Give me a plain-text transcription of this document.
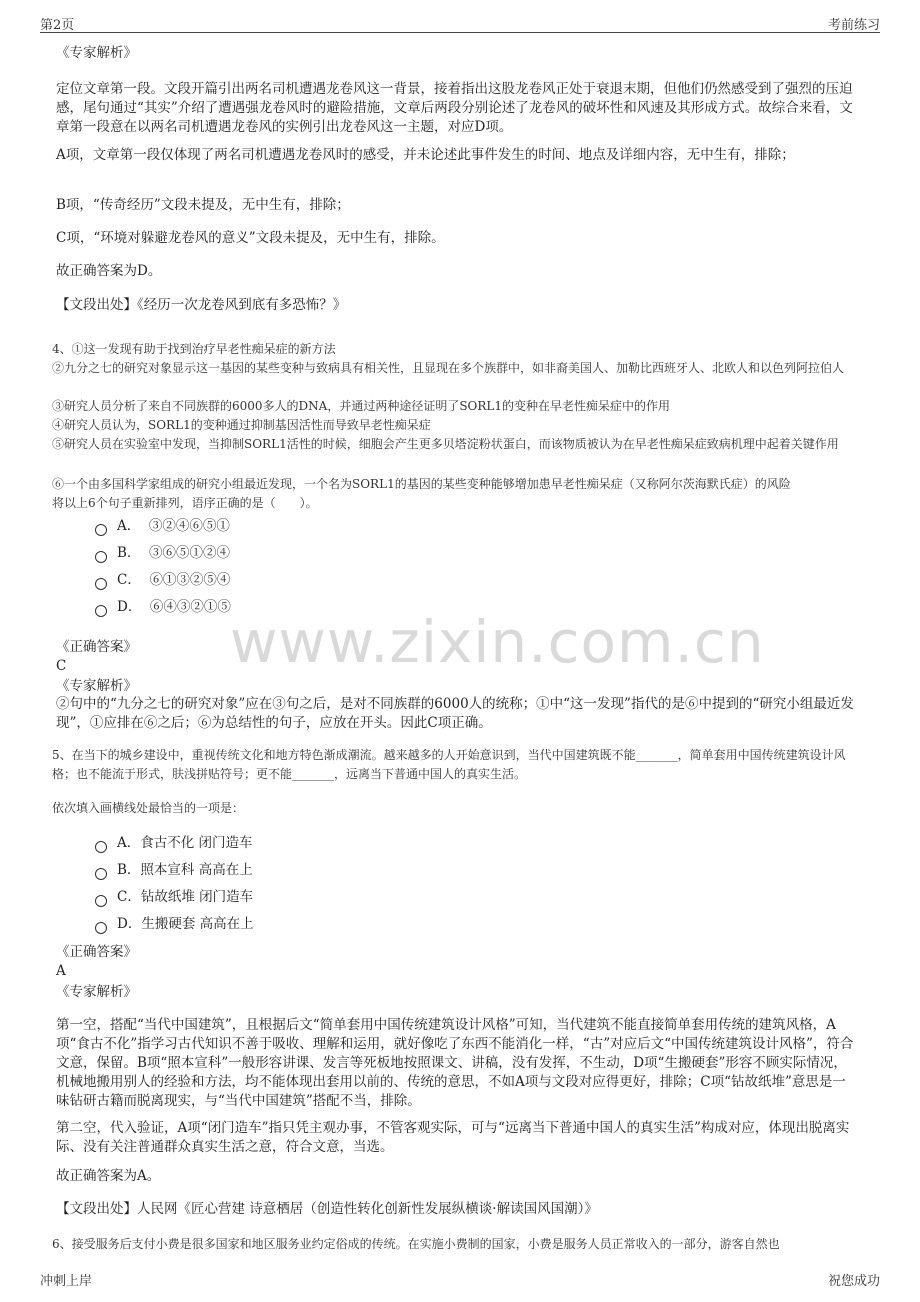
第2页	考前练习
www.zixin.com.cn
《专家解析》
定位文章第一段。文段开篇引出两名司机遭遇龙卷风这一背景，接着指出这股龙卷风正处于衰退末期，但他们仍然感受到了强烈的压迫感，尾句通过“其实”介绍了遭遇强龙卷风时的避险措施，文章后两段分别论述了龙卷风的破坏性和风速及其形成方式。故综合来看，文章第一段意在以两名司机遭遇龙卷风的实例引出龙卷风这一主题，对应D项。
A项，文章第一段仅体现了两名司机遭遇龙卷风时的感受，并未论述此事件发生的时间、地点及详细内容，无中生有，排除；
B项，“传奇经历”文段未提及，无中生有，排除；
C项，“环境对躲避龙卷风的意义”文段未提及，无中生有，排除。
故正确答案为D。
【文段出处】《经历一次龙卷风到底有多恐怖？》
4、①这一发现有助于找到治疗早老性痴呆症的新方法
②九分之七的研究对象显示这一基因的某些变种与致病具有相关性，且显现在多个族群中，如非裔美国人、加勒比西班牙人、北欧人和以色列阿拉伯人
③研究人员分析了来自不同族群的6000多人的DNA，并通过两种途径证明了SORL1的变种在早老性痴呆症中的作用
④研究人员认为，SORL1的变种通过抑制基因活性而导致早老性痴呆症
⑤研究人员在实验室中发现，当抑制SORL1活性的时候，细胞会产生更多贝塔淀粉状蛋白，而该物质被认为在早老性痴呆症致病机理中起着关键作用
⑥一个由多国科学家组成的研究小组最近发现，一个名为SORL1的基因的某些变种能够增加患早老性痴呆症（又称阿尔茨海默氏症）的风险
将以上6个句子重新排列，语序正确的是（　　）。
A． ③②④⑥⑤①
B． ③⑥⑤①②④
C． ⑥①③②⑤④
D． ⑥④③②①⑤
《正确答案》
C
《专家解析》
②句中的“九分之七的研究对象”应在③句之后，是对不同族群的6000人的统称；①中“这一发现”指代的是⑥中提到的“研究小组最近发现”，①应排在⑥之后；⑥为总结性的句子，应放在开头。因此C项正确。
5、在当下的城乡建设中，重视传统文化和地方特色渐成潮流。越来越多的人开始意识到，当代中国建筑既不能_______，简单套用中国传统建筑设计风格；也不能流于形式，肤浅拼贴符号；更不能_______，远离当下普通中国人的真实生活。
依次填入画横线处最恰当的一项是：
A．食古不化 闭门造车
B．照本宣科 高高在上
C．钻故纸堆 闭门造车
D．生搬硬套 高高在上
《正确答案》
A
《专家解析》
第一空，搭配“当代中国建筑”，且根据后文“简单套用中国传统建筑设计风格”可知，当代建筑不能直接简单套用传统的建筑风格，A项“食古不化”指学习古代知识不善于吸收、理解和运用，就好像吃了东西不能消化一样，“古”对应后文“中国传统建筑设计风格”，符合文意，保留。B项“照本宣科”一般形容讲课、发言等死板地按照课文、讲稿，没有发挥，不生动，D项“生搬硬套”形容不顾实际情况，机械地搬用别人的经验和方法，均不能体现出套用以前的、传统的意思，不如A项与文段对应得更好，排除；C项“钻故纸堆”意思是一味钻研古籍而脱离现实，与“当代中国建筑”搭配不当，排除。
第二空，代入验证，A项“闭门造车”指只凭主观办事，不管客观实际，可与“远离当下普通中国人的真实生活”构成对应，体现出脱离实际、没有关注普通群众真实生活之意，符合文意，当选。
故正确答案为A。
【文段出处】人民网《匠心营建 诗意栖居（创造性转化创新性发展纵横谈·解读国风国潮）》
6、接受服务后支付小费是很多国家和地区服务业约定俗成的传统。在实施小费制的国家，小费是服务人员正常收入的一部分，游客自然也
冲刺上岸	祝您成功
